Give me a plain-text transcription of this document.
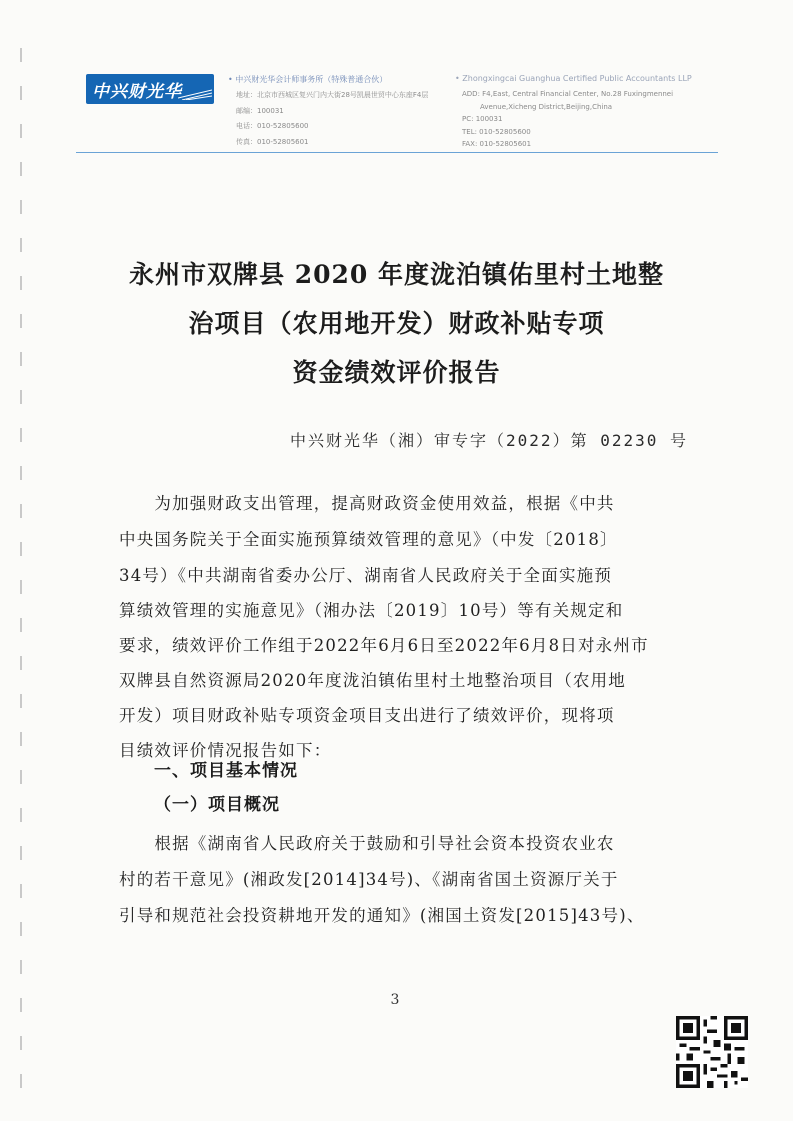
中兴财光华
• 中兴财光华会计师事务所（特殊普通合伙）	• Zhongxingcai Guanghua Certified Public Accountants LLP
地址：北京市西城区复兴门内大街28号凯晨世贸中心东座F4层
邮编：100031
电话：010-52805600
传真：010-52805601
ADD: F4,East, Central Financial Center, No.28 Fuxingmennei
Avenue,Xicheng District,Beijing,China
PC: 100031
TEL: 010-52805600
FAX: 010-52805601
永州市双牌县 2020 年度泷泊镇佑里村土地整
治项目（农用地开发）财政补贴专项
资金绩效评价报告
中兴财光华（湘）审专字（2022）第 02230 号
　　为加强财政支出管理，提高财政资金使用效益，根据《中共
中央国务院关于全面实施预算绩效管理的意见》（中发〔2018〕
34号）《中共湖南省委办公厅、湖南省人民政府关于全面实施预
算绩效管理的实施意见》（湘办法〔2019〕10号）等有关规定和
要求，绩效评价工作组于2022年6月6日至2022年6月8日对永州市
双牌县自然资源局2020年度泷泊镇佑里村土地整治项目（农用地
开发）项目财政补贴专项资金项目支出进行了绩效评价，现将项
目绩效评价情况报告如下：
一、项目基本情况
（一）项目概况
　　根据《湖南省人民政府关于鼓励和引导社会资本投资农业农
村的若干意见》(湘政发[2014]34号)、《湖南省国土资源厅关于
引导和规范社会投资耕地开发的通知》(湘国土资发[2015]43号)、
3
